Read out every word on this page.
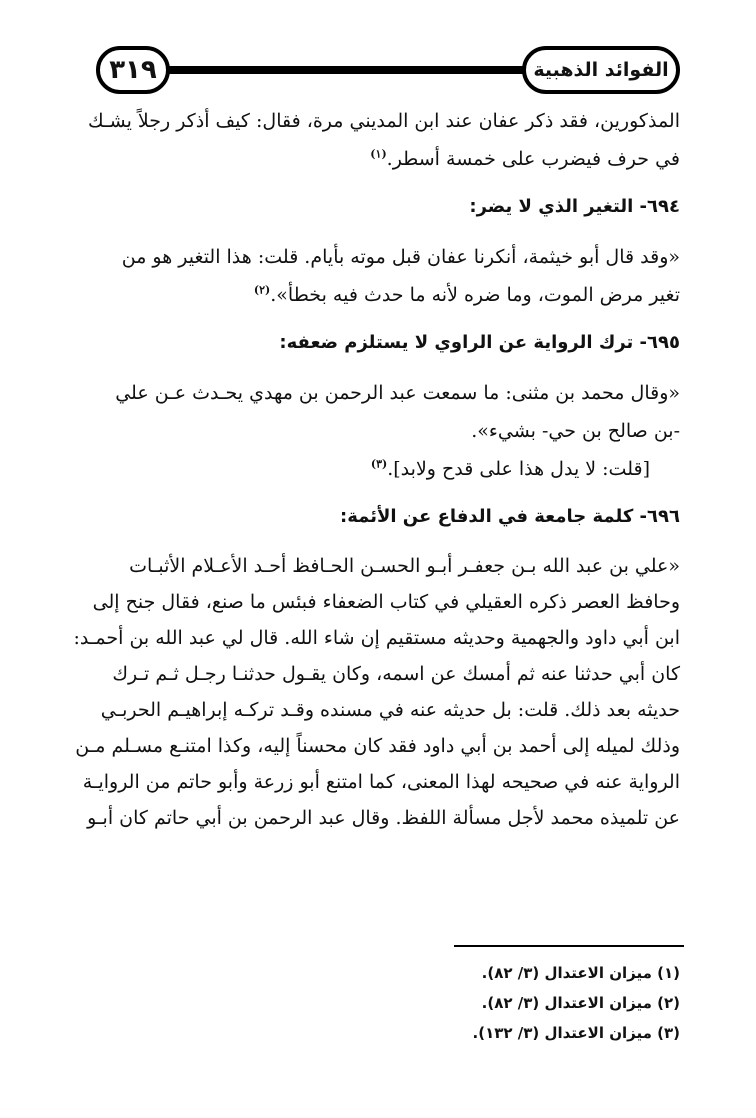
٣١٩	الفوائد الذهبية

المذكورين، فقد ذكر عفان عند ابن المديني مرة، فقال: كيف أذكر رجلاً يشـك
في حرف فيضرب على خمسة أسطر.$^{(١)}$

٦٩٤- التغير الذي لا يضر:

«وقد قال أبو خيثمة، أنكرنا عفان قبل موته بأيام. قلت: هذا التغير هو من
تغير مرض الموت، وما ضره لأنه ما حدث فيه بخطأ».$^{(٢)}$

٦٩٥- ترك الرواية عن الراوي لا يستلزم ضعفه:

«وقال محمد بن مثنى: ما سمعت عبد الرحمن بن مهدي يحـدث عـن علي
-بن صالح بن حي- بشيء».

[قلت: لا يدل هذا على قدح ولابد].$^{(٣)}$

٦٩٦- كلمة جامعة في الدفاع عن الأئمة:

«علي بن عبد الله بـن جعفـر أبـو الحسـن الحـافظ أحـد الأعـلام الأثبـات
وحافظ العصر ذكره العقيلي في كتاب الضعفاء فبئس ما صنع، فقال جنح إلى
ابن أبي داود والجهمية وحديثه مستقيم إن شاء الله. قال لي عبد الله بن أحمـد:
كان أبي حدثنا عنه ثم أمسك عن اسمه، وكان يقـول حدثنـا رجـل ثـم تـرك
حديثه بعد ذلك. قلت: بل حديثه عنه في مسنده وقـد تركـه إبراهيـم الحربـي
وذلك لميله إلى أحمد بن أبي داود فقد كان محسناً إليه، وكذا امتنـع مسـلم مـن
الرواية عنه في صحيحه لهذا المعنى، كما امتنع أبو زرعة وأبو حاتم من الروايـة
عن تلميذه محمد لأجل مسألة اللفظ. وقال عبد الرحمن بن أبي حاتم كان أبـو

(١) ميزان الاعتدال (٣/ ٨٢).

(٢) ميزان الاعتدال (٣/ ٨٢).

(٣) ميزان الاعتدال (٣/ ١٣٢).
